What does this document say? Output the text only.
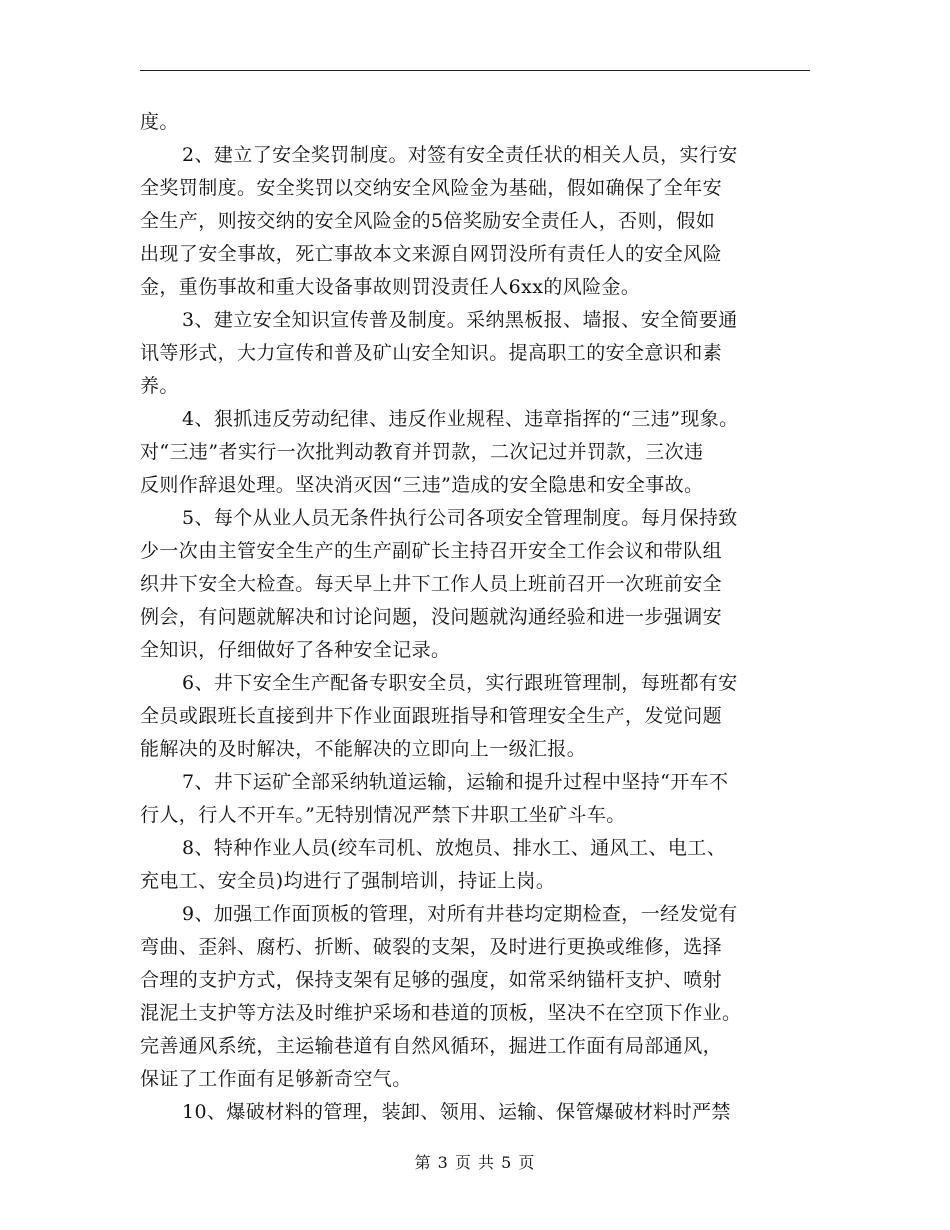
度。
2、建立了安全奖罚制度。对签有安全责任状的相关人员，实行安
全奖罚制度。安全奖罚以交纳安全风险金为基础，假如确保了全年安
全生产，则按交纳的安全风险金的5倍奖励安全责任人，否则，假如
出现了安全事故，死亡事故本文来源自网罚没所有责任人的安全风险
金，重伤事故和重大设备事故则罚没责任人6xx的风险金。
3、建立安全知识宣传普及制度。采纳黑板报、墙报、安全简要通
讯等形式，大力宣传和普及矿山安全知识。提高职工的安全意识和素
养。
4、狠抓违反劳动纪律、违反作业规程、违章指挥的“三违”现象。
对“三违”者实行一次批判动教育并罚款，二次记过并罚款，三次违
反则作辞退处理。坚决消灭因“三违”造成的安全隐患和安全事故。
5、每个从业人员无条件执行公司各项安全管理制度。每月保持致
少一次由主管安全生产的生产副矿长主持召开安全工作会议和带队组
织井下安全大检查。每天早上井下工作人员上班前召开一次班前安全
例会，有问题就解决和讨论问题，没问题就沟通经验和进一步强调安
全知识，仔细做好了各种安全记录。
6、井下安全生产配备专职安全员，实行跟班管理制，每班都有安
全员或跟班长直接到井下作业面跟班指导和管理安全生产，发觉问题
能解决的及时解决，不能解决的立即向上一级汇报。
7、井下运矿全部采纳轨道运输，运输和提升过程中坚持“开车不
行人，行人不开车。”无特别情况严禁下井职工坐矿斗车。
8、特种作业人员(绞车司机、放炮员、排水工、通风工、电工、
充电工、安全员)均进行了强制培训，持证上岗。
9、加强工作面顶板的管理，对所有井巷均定期检查，一经发觉有
弯曲、歪斜、腐朽、折断、破裂的支架，及时进行更换或维修，选择
合理的支护方式，保持支架有足够的强度，如常采纳锚杆支护、喷射
混泥土支护等方法及时维护采场和巷道的顶板，坚决不在空顶下作业。
完善通风系统，主运输巷道有自然风循环，掘进工作面有局部通风，
保证了工作面有足够新奇空气。
10、爆破材料的管理，装卸、领用、运输、保管爆破材料时严禁
第 3 页 共 5 页
